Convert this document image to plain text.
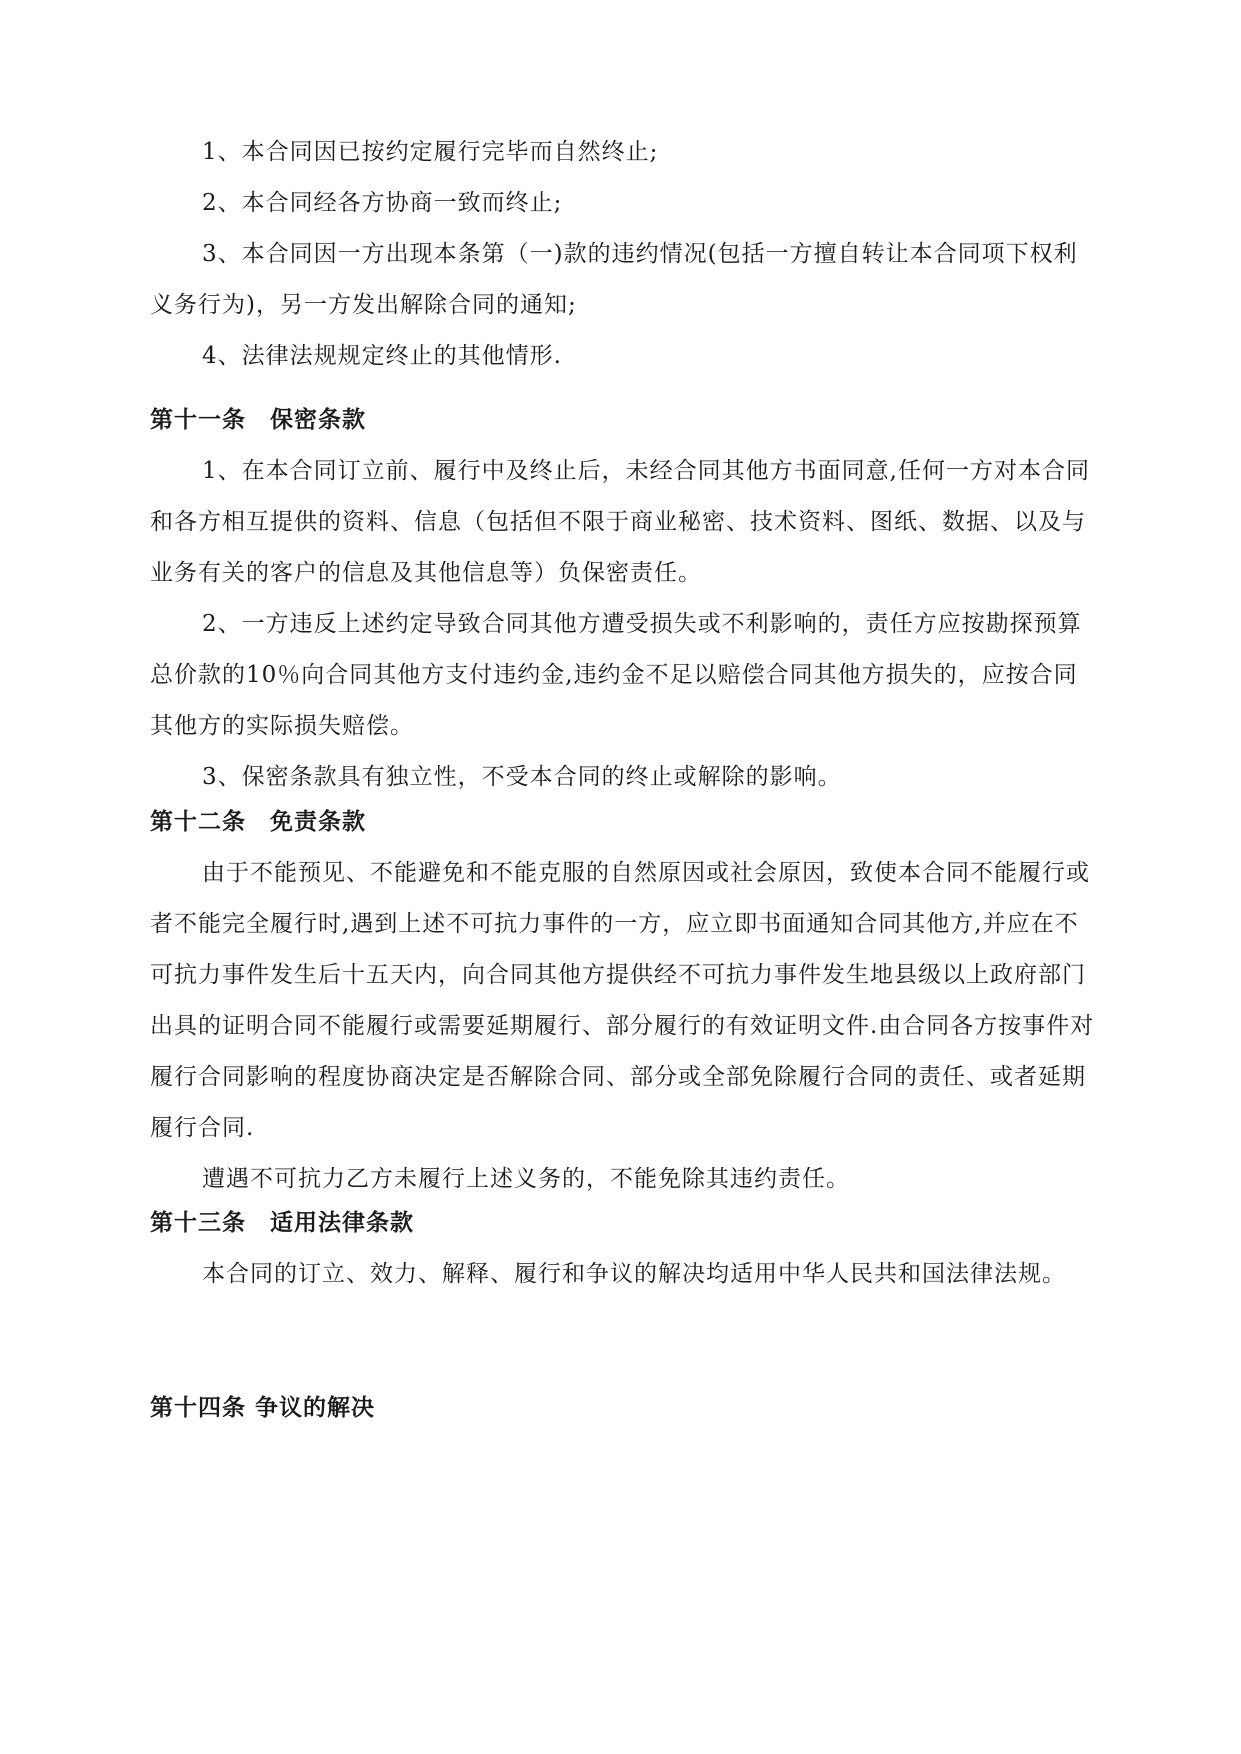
1、本合同因已按约定履行完毕而自然终止;

2、本合同经各方协商一致而终止;

3、本合同因一方出现本条第（一)款的违约情况(包括一方擅自转让本合同项下权利义务行为)，另一方发出解除合同的通知;

4、法律法规规定终止的其他情形.

第十一条　保密条款

1、在本合同订立前、履行中及终止后，未经合同其他方书面同意,任何一方对本合同和各方相互提供的资料、信息（包括但不限于商业秘密、技术资料、图纸、数据、以及与业务有关的客户的信息及其他信息等）负保密责任。

2、一方违反上述约定导致合同其他方遭受损失或不利影响的，责任方应按勘探预算总价款的10％向合同其他方支付违约金,违约金不足以赔偿合同其他方损失的，应按合同其他方的实际损失赔偿。

3、保密条款具有独立性，不受本合同的终止或解除的影响。

第十二条　免责条款

由于不能预见、不能避免和不能克服的自然原因或社会原因，致使本合同不能履行或者不能完全履行时,遇到上述不可抗力事件的一方，应立即书面通知合同其他方,并应在不可抗力事件发生后十五天内，向合同其他方提供经不可抗力事件发生地县级以上政府部门出具的证明合同不能履行或需要延期履行、部分履行的有效证明文件.由合同各方按事件对履行合同影响的程度协商决定是否解除合同、部分或全部免除履行合同的责任、或者延期履行合同.

遭遇不可抗力乙方未履行上述义务的，不能免除其违约责任。

第十三条　适用法律条款

本合同的订立、效力、解释、履行和争议的解决均适用中华人民共和国法律法规。

第十四条 争议的解决
